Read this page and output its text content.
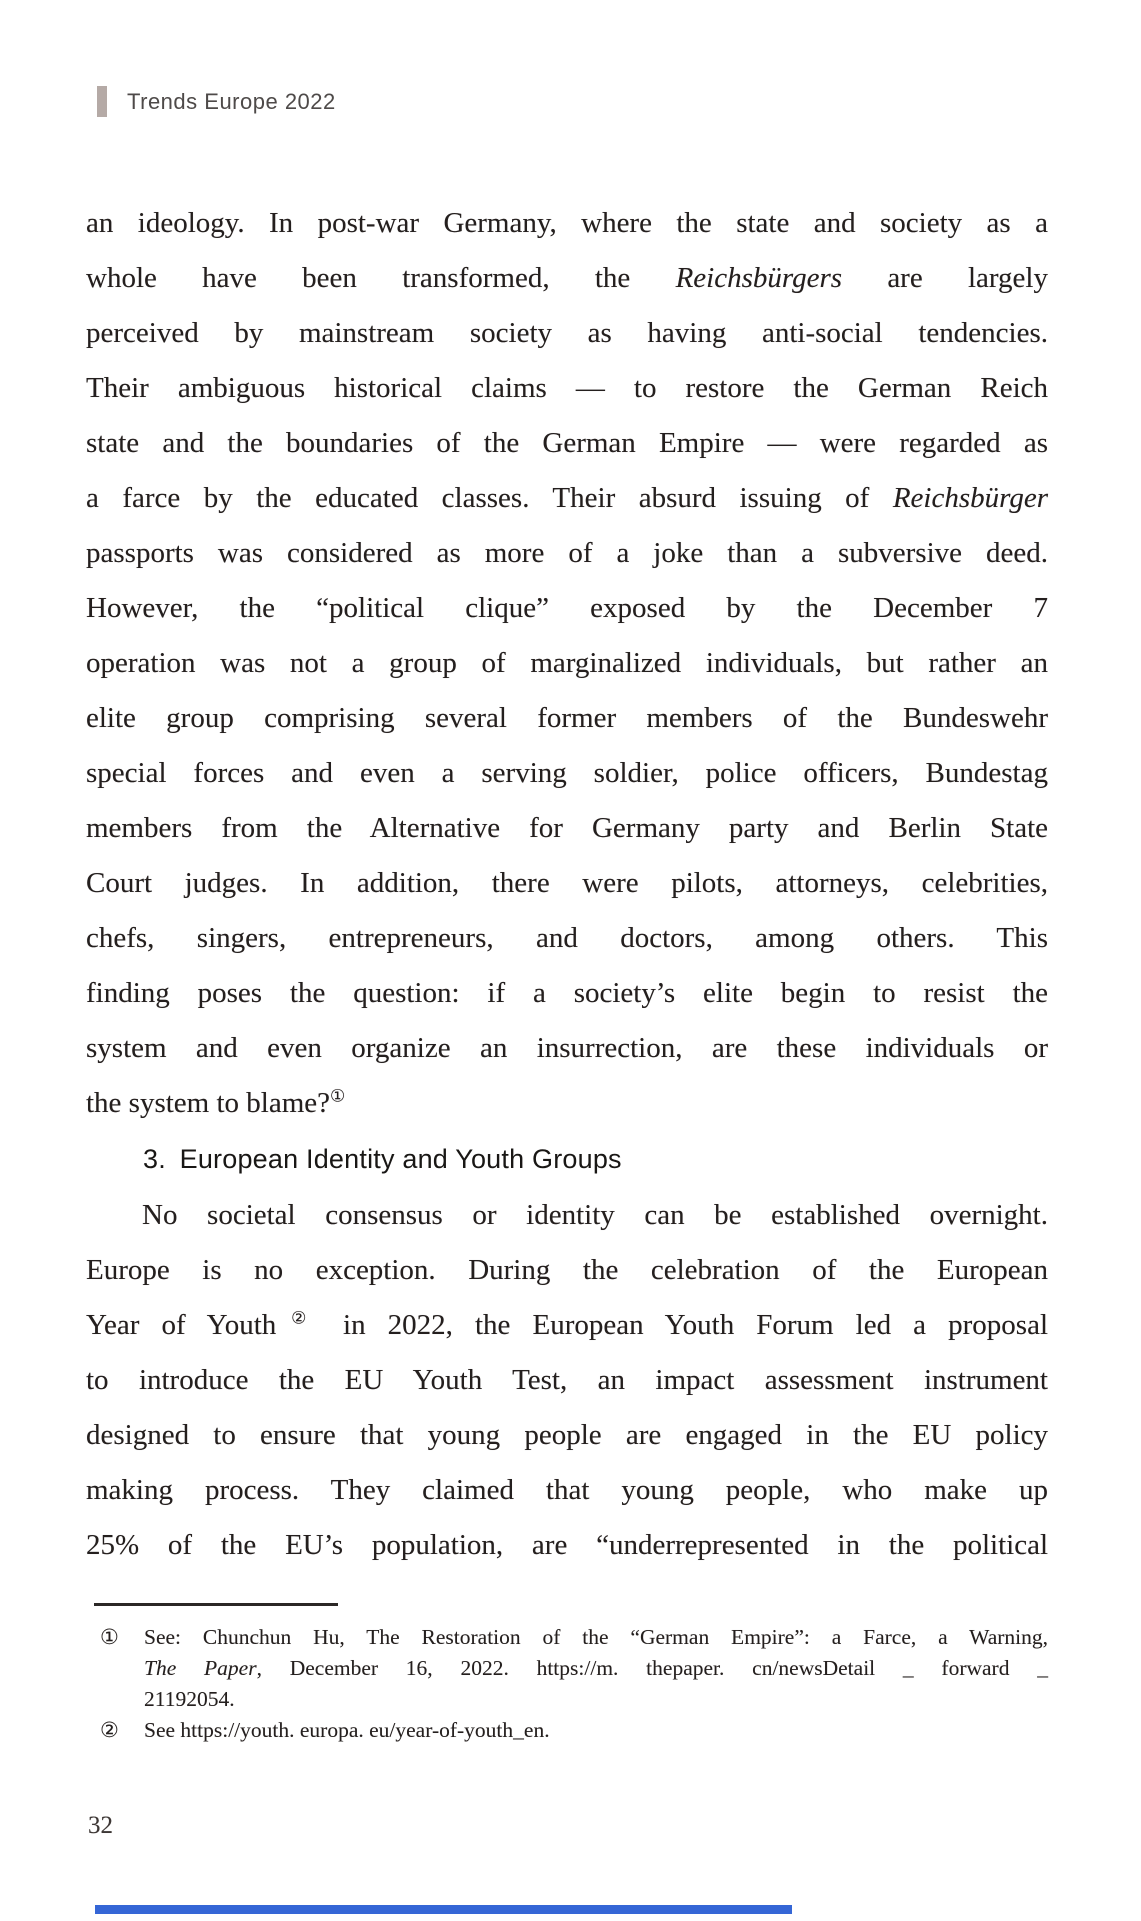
Trends Europe 2022
an ideology. In post-war Germany, where the state and society as a
whole have been transformed, the Reichsbürgers are largely
perceived by mainstream society as having anti-social tendencies.
Their ambiguous historical claims — to restore the German Reich
state and the boundaries of the German Empire — were regarded as
a farce by the educated classes. Their absurd issuing of Reichsbürger
passports was considered as more of a joke than a subversive deed.
However, the “political clique” exposed by the December 7
operation was not a group of marginalized individuals, but rather an
elite group comprising several former members of the Bundeswehr
special forces and even a serving soldier, police officers, Bundestag
members from the Alternative for Germany party and Berlin State
Court judges. In addition, there were pilots, attorneys, celebrities,
chefs, singers, entrepreneurs, and doctors, among others. This
finding poses the question: if a society’s elite begin to resist the
system and even organize an insurrection, are these individuals or
the system to blame?①
3. European Identity and Youth Groups
No societal consensus or identity can be established overnight.
Europe is no exception. During the celebration of the European
Year of Youth② in 2022, the European Youth Forum led a proposal
to introduce the EU Youth Test, an impact assessment instrument
designed to ensure that young people are engaged in the EU policy
making process. They claimed that young people, who make up
25% of the EU’s population, are “underrepresented in the political
①	See: Chunchun Hu, The Restoration of the “German Empire”: a Farce, a Warning,
The Paper, December 16, 2022. https://m. thepaper. cn/newsDetail _ forward _
21192054.
②	See https://youth. europa. eu/year-of-youth_en.
32
